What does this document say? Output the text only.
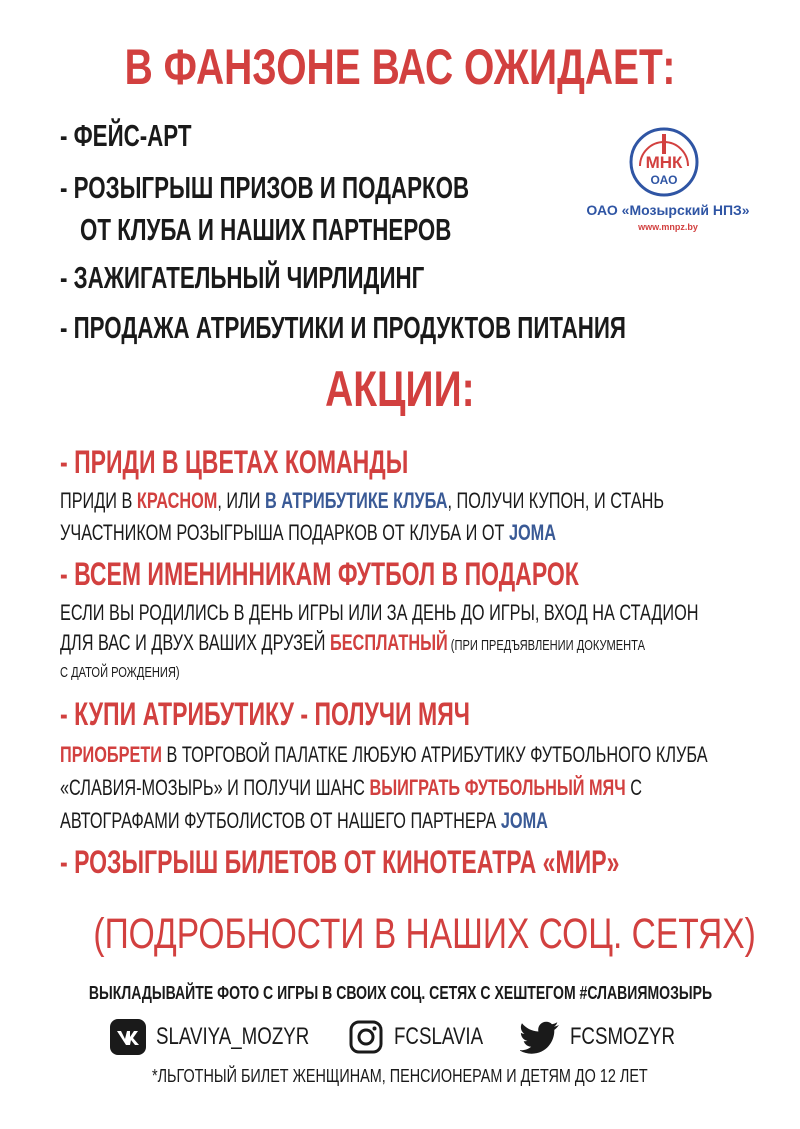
В ФАНЗОНЕ ВАС ОЖИДАЕТ:
- ФЕЙС-АРТ
- РОЗЫГРЫШ ПРИЗОВ И ПОДАРКОВ
ОТ КЛУБА И НАШИХ ПАРТНЕРОВ
- ЗАЖИГАТЕЛЬНЫЙ ЧИРЛИДИНГ
- ПРОДАЖА АТРИБУТИКИ И ПРОДУКТОВ ПИТАНИЯ
МНК
ОАО
ОАО «Мозырский НПЗ»
www.mnpz.by
АКЦИИ:
- ПРИДИ В ЦВЕТАХ КОМАНДЫ
ПРИДИ В КРАСНОМ, ИЛИ В АТРИБУТИКЕ КЛУБА, ПОЛУЧИ КУПОН, И СТАНЬ
УЧАСТНИКОМ РОЗЫГРЫША ПОДАРКОВ ОТ КЛУБА И ОТ JOMA
- ВСЕМ ИМЕНИННИКАМ ФУТБОЛ В ПОДАРОК
ЕСЛИ ВЫ РОДИЛИСЬ В ДЕНЬ ИГРЫ ИЛИ ЗА ДЕНЬ ДО ИГРЫ, ВХОД НА СТАДИОН
ДЛЯ ВАС И ДВУХ ВАШИХ ДРУЗЕЙ БЕСПЛАТНЫЙ (ПРИ ПРЕДЪЯВЛЕНИИ ДОКУМЕНТА
С ДАТОЙ РОЖДЕНИЯ)
- КУПИ АТРИБУТИКУ - ПОЛУЧИ МЯЧ
ПРИОБРЕТИ В ТОРГОВОЙ ПАЛАТКЕ ЛЮБУЮ АТРИБУТИКУ ФУТБОЛЬНОГО КЛУБА
«СЛАВИЯ-МОЗЫРЬ» И ПОЛУЧИ ШАНС ВЫИГРАТЬ ФУТБОЛЬНЫЙ МЯЧ С
АВТОГРАФАМИ ФУТБОЛИСТОВ ОТ НАШЕГО ПАРТНЕРА JOMA
- РОЗЫГРЫШ БИЛЕТОВ ОТ КИНОТЕАТРА «МИР»
(ПОДРОБНОСТИ В НАШИХ СОЦ. СЕТЯХ)
ВЫКЛАДЫВАЙТЕ ФОТО С ИГРЫ В СВОИХ СОЦ. СЕТЯХ С ХЕШТЕГОМ #СЛАВИЯМОЗЫРЬ
SLAVIYA_MOZYR	FCSLAVIA	FCSMOZYR
*ЛЬГОТНЫЙ БИЛЕТ ЖЕНЩИНАМ, ПЕНСИОНЕРАМ И ДЕТЯМ ДО 12 ЛЕТ
